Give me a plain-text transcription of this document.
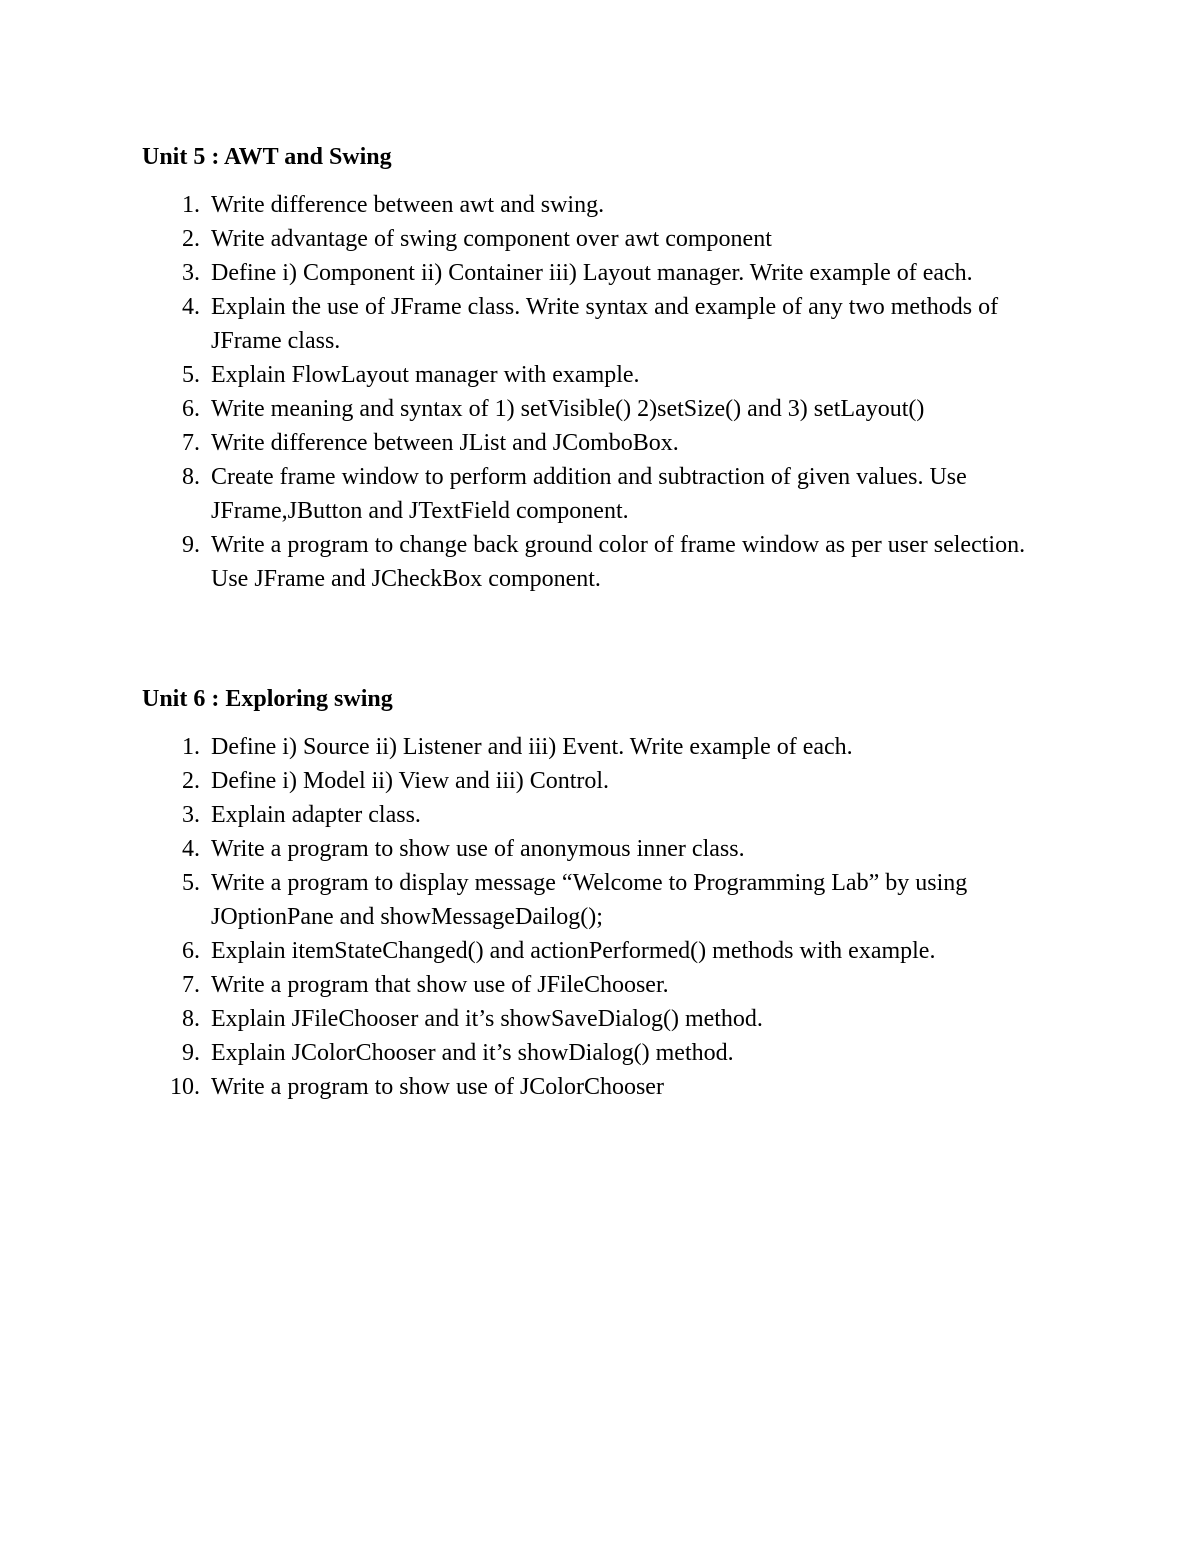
Unit 5 : AWT and Swing
1. Write difference between awt and swing.
2. Write advantage of swing component over awt component
3. Define i) Component ii) Container iii) Layout manager. Write example of each.
4. Explain the use of JFrame class. Write syntax and example of any two methods of JFrame class.
5. Explain FlowLayout manager with example.
6. Write meaning and syntax of 1) setVisible() 2)setSize() and 3) setLayout()
7. Write difference between JList and JComboBox.
8. Create frame window to perform addition and subtraction of given values. Use JFrame,JButton and JTextField component.
9. Write a program to change back ground color of frame window as per user selection. Use JFrame and JCheckBox component.
Unit 6 : Exploring swing
1. Define i) Source ii) Listener and iii) Event. Write example of each.
2. Define i) Model ii) View and iii) Control.
3. Explain adapter class.
4. Write a program to show use of anonymous inner class.
5. Write a program to display message “Welcome to Programming Lab” by using JOptionPane and showMessageDailog();
6. Explain itemStateChanged() and actionPerformed() methods with example.
7. Write a program that show use of JFileChooser.
8. Explain JFileChooser and it’s showSaveDialog() method.
9. Explain JColorChooser and it’s showDialog() method.
10. Write a program to show use of JColorChooser
